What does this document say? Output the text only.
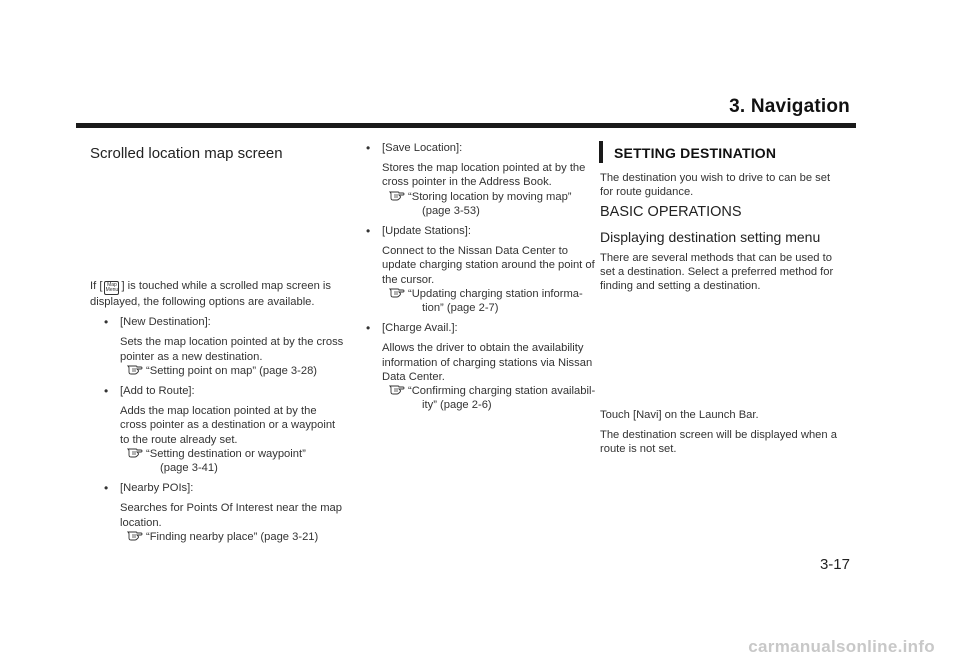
3. Navigation
Scrolled location map screen

If [ Map
Menu ] is touched while a scrolled map screen is

displayed, the following options are available.

• [New Destination]:

Sets the map location pointed at by the cross

pointer as a new destination.

“Setting point on map” (page 3-28)
• [Add to Route]:

Adds the map location pointed at by the

cross pointer as a destination or a waypoint

to the route already set.

“Setting destination or waypoint”

(page 3-41)

• [Nearby POIs]:

Searches for Points Of Interest near the map

location.

“Finding nearby place” (page 3-21)
• [Save Location]:

Stores the map location pointed at by the

cross pointer in the Address Book.

“Storing location by moving map”

(page 3-53)

• [Update Stations]:

Connect to the Nissan Data Center to

update charging station around the point of

the cursor.

“Updating charging station informa-

tion” (page 2-7)

• [Charge Avail.]:

Allows the driver to obtain the availability

information of charging stations via Nissan

Data Center.

“Confirming charging station availabil-

ity” (page 2-6)

SETTING DESTINATION

The destination you wish to drive to can be set

for route guidance.

BASIC OPERATIONS
Displaying destination setting menu

There are several methods that can be used to

set a destination. Select a preferred method for

finding and setting a destination.

Touch [Navi] on the Launch Bar.

The destination screen will be displayed when a

route is not set.

3-17
carmanualsonline.info
